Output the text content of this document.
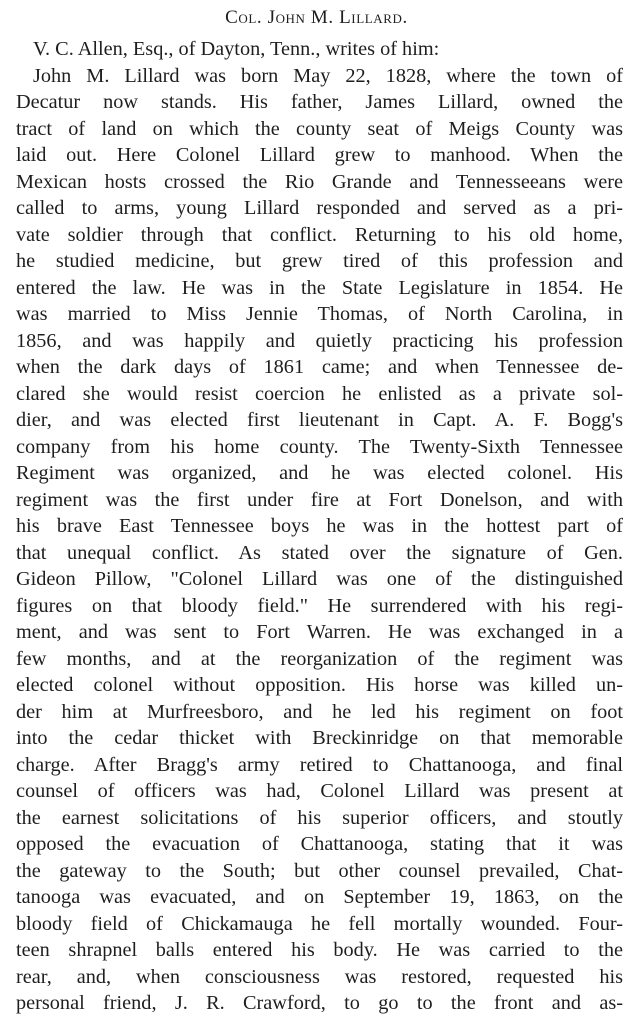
Col. John M. Lillard.
V. C. Allen, Esq., of Dayton, Tenn., writes of him:
John M. Lillard was born May 22, 1828, where the town of
Decatur now stands. His father, James Lillard, owned the
tract of land on which the county seat of Meigs County was
laid out. Here Colonel Lillard grew to manhood. When the
Mexican hosts crossed the Rio Grande and Tennesseeans were
called to arms, young Lillard responded and served as a pri-
vate soldier through that conflict. Returning to his old home,
he studied medicine, but grew tired of this profession and
entered the law. He was in the State Legislature in 1854. He
was married to Miss Jennie Thomas, of North Carolina, in
1856, and was happily and quietly practicing his profession
when the dark days of 1861 came; and when Tennessee de-
clared she would resist coercion he enlisted as a private sol-
dier, and was elected first lieutenant in Capt. A. F. Bogg's
company from his home county. The Twenty-Sixth Tennessee
Regiment was organized, and he was elected colonel. His
regiment was the first under fire at Fort Donelson, and with
his brave East Tennessee boys he was in the hottest part of
that unequal conflict. As stated over the signature of Gen.
Gideon Pillow, "Colonel Lillard was one of the distinguished
figures on that bloody field." He surrendered with his regi-
ment, and was sent to Fort Warren. He was exchanged in a
few months, and at the reorganization of the regiment was
elected colonel without opposition. His horse was killed un-
der him at Murfreesboro, and he led his regiment on foot
into the cedar thicket with Breckinridge on that memorable
charge. After Bragg's army retired to Chattanooga, and final
counsel of officers was had, Colonel Lillard was present at
the earnest solicitations of his superior officers, and stoutly
opposed the evacuation of Chattanooga, stating that it was
the gateway to the South; but other counsel prevailed, Chat-
tanooga was evacuated, and on September 19, 1863, on the
bloody field of Chickamauga he fell mortally wounded. Four-
teen shrapnel balls entered his body. He was carried to the
rear, and, when consciousness was restored, requested his
personal friend, J. R. Crawford, to go to the front and as-
